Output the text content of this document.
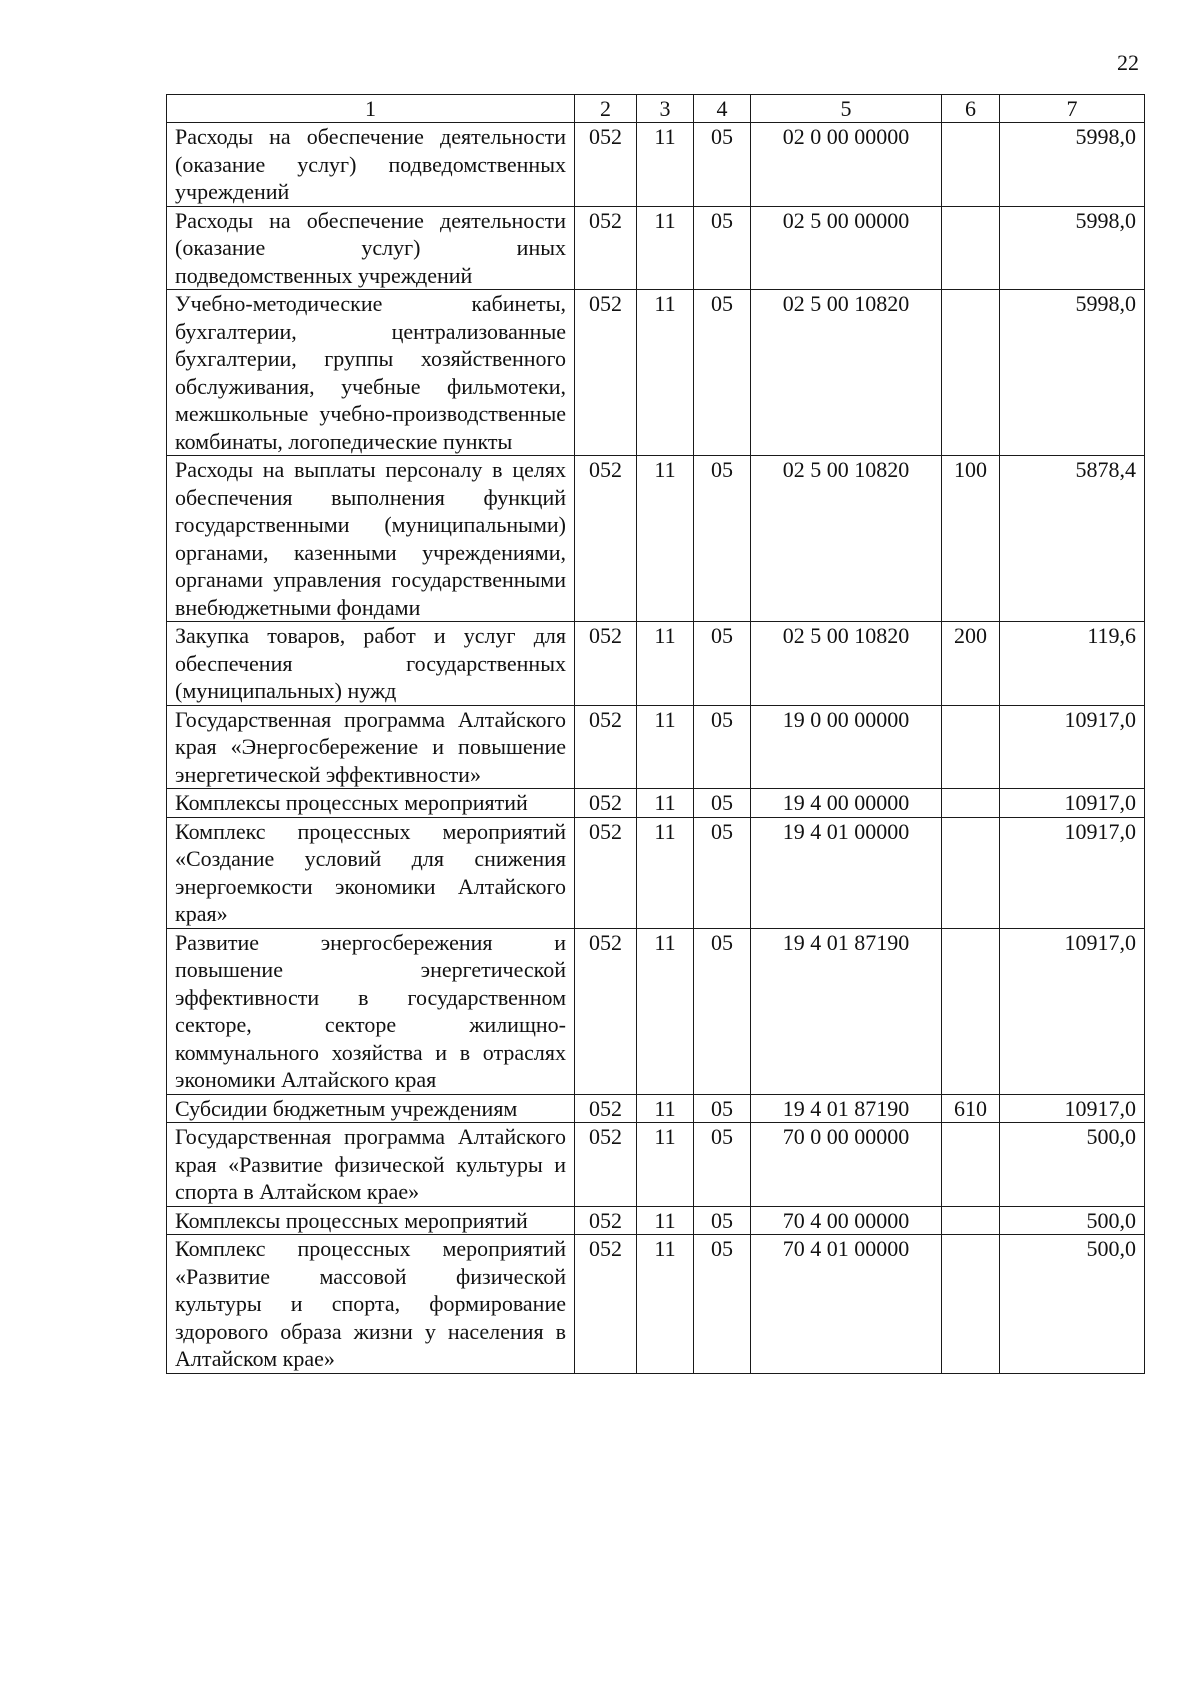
22
1	2	3	4	5	6	7
Расходы на обеспечение деятельности (оказание услуг) подведомственных учреждений	052	11	05	02 0 00 00000		5998,0
Расходы на обеспечение деятельности (оказание услуг) иных подведомственных учреждений	052	11	05	02 5 00 00000		5998,0
Учебно-методические кабинеты, бухгалтерии, централизованные бухгалтерии, группы хозяйственного обслуживания, учебные фильмотеки, межшкольные учебно-производственные комбинаты, логопедические пункты	052	11	05	02 5 00 10820		5998,0
Расходы на выплаты персоналу в целях обеспечения выполнения функций государственными (муниципальными) органами, казенными учреждениями, органами управления государственными внебюджетными фондами	052	11	05	02 5 00 10820	100	5878,4
Закупка товаров, работ и услуг для обеспечения государственных (муниципальных) нужд	052	11	05	02 5 00 10820	200	119,6
Государственная программа Алтайского края «Энергосбережение и повышение энергетической эффективности»	052	11	05	19 0 00 00000		10917,0
Комплексы процессных мероприятий	052	11	05	19 4 00 00000		10917,0
Комплекс процессных мероприятий «Создание условий для снижения энергоемкости экономики Алтайского края»	052	11	05	19 4 01 00000		10917,0
Развитие энергосбережения и повышение энергетической эффективности в государственном секторе, секторе жилищно-коммунального хозяйства и в отраслях экономики Алтайского края	052	11	05	19 4 01 87190		10917,0
Субсидии бюджетным учреждениям	052	11	05	19 4 01 87190	610	10917,0
Государственная программа Алтайского края «Развитие физической культуры и спорта в Алтайском крае»	052	11	05	70 0 00 00000		500,0
Комплексы процессных мероприятий	052	11	05	70 4 00 00000		500,0
Комплекс процессных мероприятий «Развитие массовой физической культуры и спорта, формирование здорового образа жизни у населения в Алтайском крае»	052	11	05	70 4 01 00000		500,0
